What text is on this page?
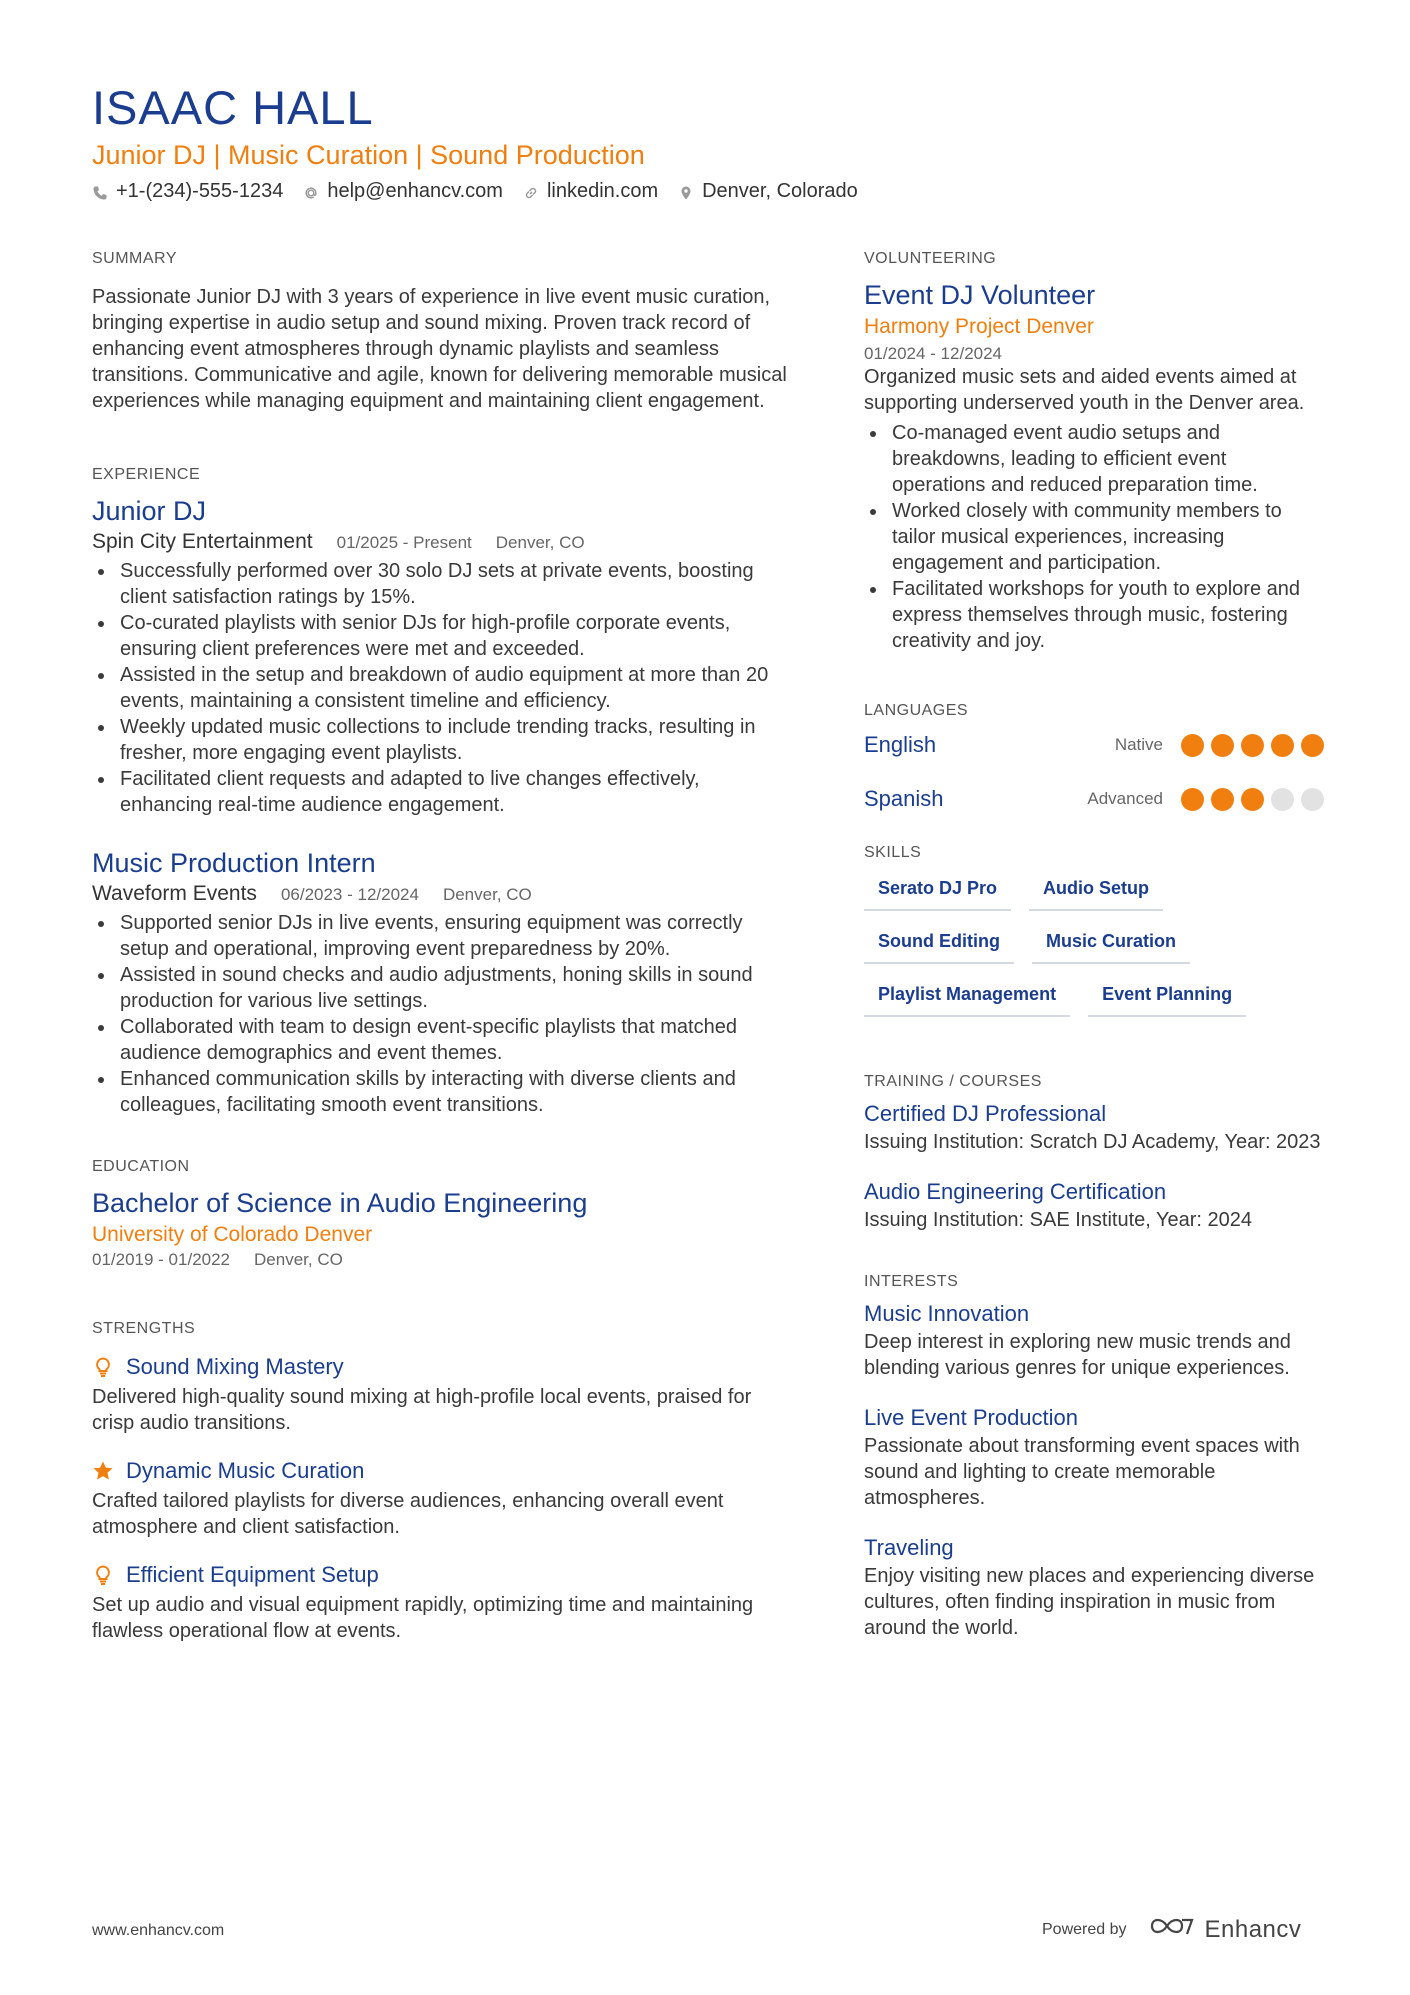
ISAAC HALL
Junior DJ | Music Curation | Sound Production
+1-(234)-555-1234 help@enhancv.com linkedin.com Denver, Colorado
SUMMARY
Passionate Junior DJ with 3 years of experience in live event music curation, bringing expertise in audio setup and sound mixing. Proven track record of enhancing event atmospheres through dynamic playlists and seamless transitions. Communicative and agile, known for delivering memorable musical experiences while managing equipment and maintaining client engagement.
EXPERIENCE
Junior DJ
Spin City Entertainment 01/2025 - Present Denver, CO
Successfully performed over 30 solo DJ sets at private events, boosting client satisfaction ratings by 15%.
Co-curated playlists with senior DJs for high-profile corporate events, ensuring client preferences were met and exceeded.
Assisted in the setup and breakdown of audio equipment at more than 20 events, maintaining a consistent timeline and efficiency.
Weekly updated music collections to include trending tracks, resulting in fresher, more engaging event playlists.
Facilitated client requests and adapted to live changes effectively, enhancing real-time audience engagement.
Music Production Intern
Waveform Events 06/2023 - 12/2024 Denver, CO
Supported senior DJs in live events, ensuring equipment was correctly setup and operational, improving event preparedness by 20%.
Assisted in sound checks and audio adjustments, honing skills in sound production for various live settings.
Collaborated with team to design event-specific playlists that matched audience demographics and event themes.
Enhanced communication skills by interacting with diverse clients and colleagues, facilitating smooth event transitions.
EDUCATION
Bachelor of Science in Audio Engineering
University of Colorado Denver
01/2019 - 01/2022 Denver, CO
STRENGTHS
Sound Mixing Mastery
Delivered high-quality sound mixing at high-profile local events, praised for crisp audio transitions.
Dynamic Music Curation
Crafted tailored playlists for diverse audiences, enhancing overall event atmosphere and client satisfaction.
Efficient Equipment Setup
Set up audio and visual equipment rapidly, optimizing time and maintaining flawless operational flow at events.
VOLUNTEERING
Event DJ Volunteer
Harmony Project Denver
01/2024 - 12/2024
Organized music sets and aided events aimed at supporting underserved youth in the Denver area.
Co-managed event audio setups and breakdowns, leading to efficient event operations and reduced preparation time.
Worked closely with community members to tailor musical experiences, increasing engagement and participation.
Facilitated workshops for youth to explore and express themselves through music, fostering creativity and joy.
LANGUAGES
English	Native
Spanish	Advanced
SKILLS
Serato DJ Pro	Audio Setup
Sound Editing	Music Curation
Playlist Management	Event Planning
TRAINING / COURSES
Certified DJ Professional
Issuing Institution: Scratch DJ Academy, Year: 2023
Audio Engineering Certification
Issuing Institution: SAE Institute, Year: 2024
INTERESTS
Music Innovation
Deep interest in exploring new music trends and blending various genres for unique experiences.
Live Event Production
Passionate about transforming event spaces with sound and lighting to create memorable atmospheres.
Traveling
Enjoy visiting new places and experiencing diverse cultures, often finding inspiration in music from around the world.
www.enhancv.com	Powered by	Enhancv
